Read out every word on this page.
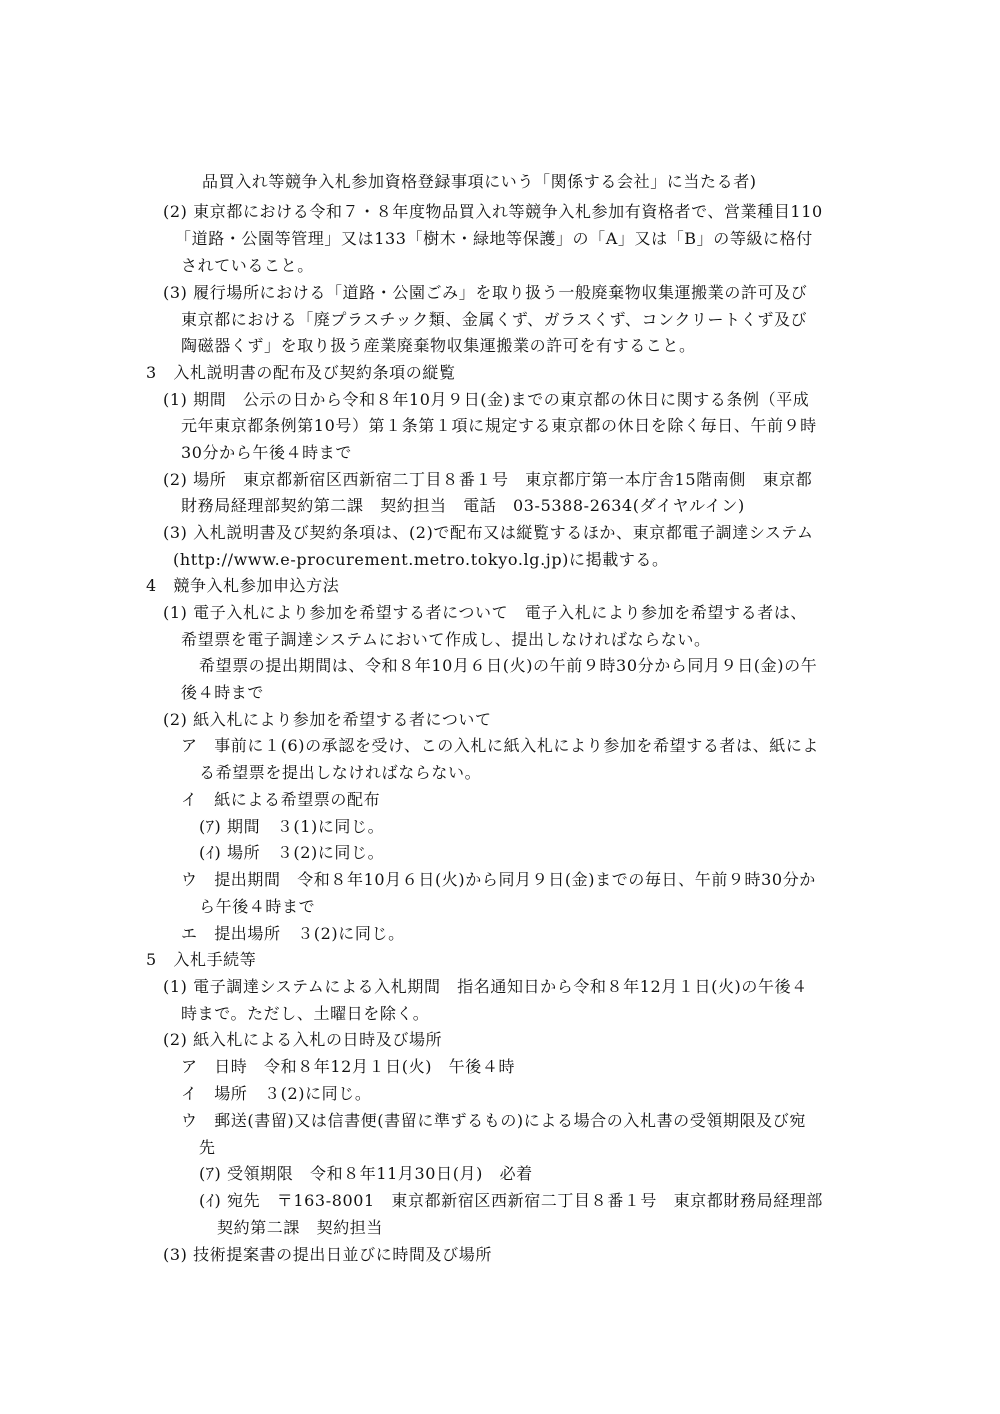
品買入れ等競争入札参加資格登録事項にいう「関係する会社」に当たる者)
(2) 東京都における令和７・８年度物品買入れ等競争入札参加有資格者で、営業種目110
「道路・公園等管理」又は133「樹木・緑地等保護」の「A」又は「B」の等級に格付
されていること。
(3) 履行場所における「道路・公園ごみ」を取り扱う一般廃棄物収集運搬業の許可及び
東京都における「廃プラスチック類、金属くず、ガラスくず、コンクリートくず及び
陶磁器くず」を取り扱う産業廃棄物収集運搬業の許可を有すること。
3　入札説明書の配布及び契約条項の縦覧
(1) 期間　公示の日から令和８年10月９日(金)までの東京都の休日に関する条例（平成
元年東京都条例第10号）第１条第１項に規定する東京都の休日を除く毎日、午前９時
30分から午後４時まで
(2) 場所　東京都新宿区西新宿二丁目８番１号　東京都庁第一本庁舎15階南側　東京都
財務局経理部契約第二課　契約担当　電話　03-5388-2634(ダイヤルイン)
(3) 入札説明書及び契約条項は、(2)で配布又は縦覧するほか、東京都電子調達システム
(http://www.e-procurement.metro.tokyo.lg.jp)に掲載する。
4　競争入札参加申込方法
(1) 電子入札により参加を希望する者について　電子入札により参加を希望する者は、
希望票を電子調達システムにおいて作成し、提出しなければならない。
希望票の提出期間は、令和８年10月６日(火)の午前９時30分から同月９日(金)の午
後４時まで
(2) 紙入札により参加を希望する者について
ア　事前に１(6)の承認を受け、この入札に紙入札により参加を希望する者は、紙によ
る希望票を提出しなければならない。
イ　紙による希望票の配布
(ｱ) 期間　３(1)に同じ。
(ｲ) 場所　３(2)に同じ。
ウ　提出期間　令和８年10月６日(火)から同月９日(金)までの毎日、午前９時30分か
ら午後４時まで
エ　提出場所　３(2)に同じ。
5　入札手続等
(1) 電子調達システムによる入札期間　指名通知日から令和８年12月１日(火)の午後４
時まで。ただし、土曜日を除く。
(2) 紙入札による入札の日時及び場所
ア　日時　令和８年12月１日(火)　午後４時
イ　場所　３(2)に同じ。
ウ　郵送(書留)又は信書便(書留に準ずるもの)による場合の入札書の受領期限及び宛
先
(ｱ) 受領期限　令和８年11月30日(月)　必着
(ｲ) 宛先　〒163-8001　東京都新宿区西新宿二丁目８番１号　東京都財務局経理部
契約第二課　契約担当
(3) 技術提案書の提出日並びに時間及び場所
